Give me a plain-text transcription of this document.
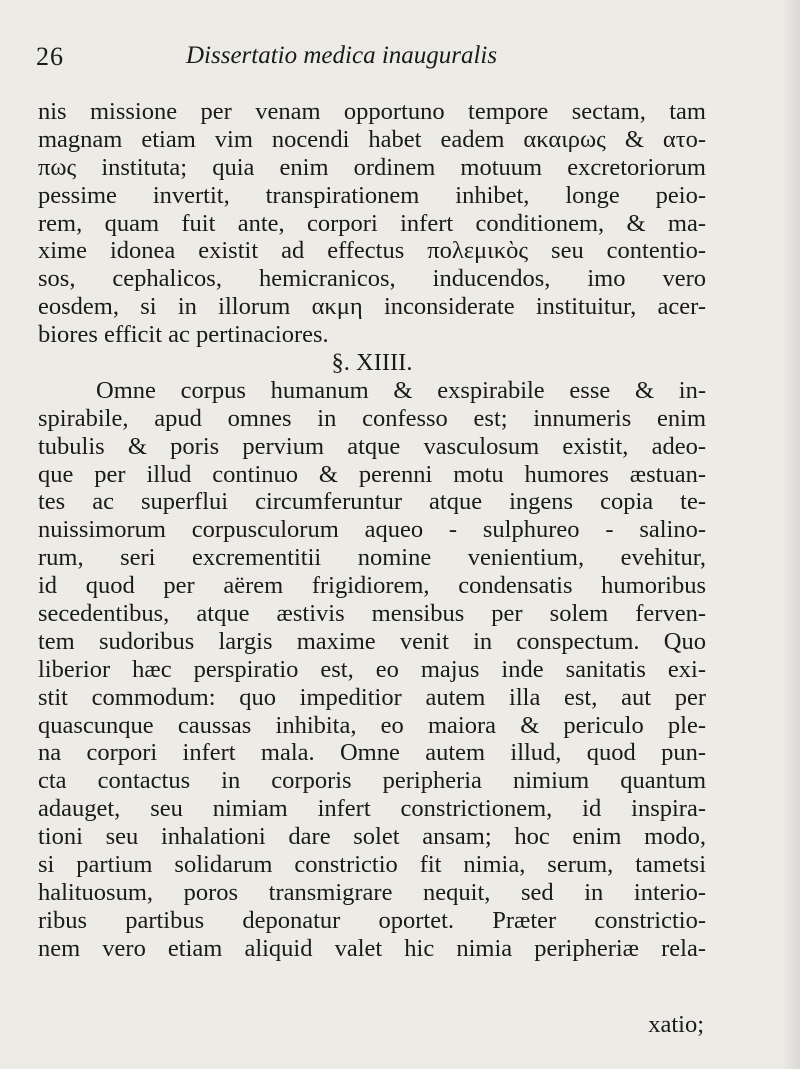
26	Dissertatio medica inauguralis
nis missione per venam opportuno tempore sectam, tam
magnam etiam vim nocendi habet eadem ακαιρως & ατο-
πως instituta; quia enim ordinem motuum excretoriorum
pessime invertit, transpirationem inhibet, longe peio-
rem, quam fuit ante, corpori infert conditionem, & ma-
xime idonea existit ad effectus πολεμικὸς seu contentio-
sos, cephalicos, hemicranicos, inducendos, imo vero
eosdem, si in illorum ακμη inconsiderate instituitur, acer-
biores efficit ac pertinaciores.
§. XIIII.
Omne corpus humanum & exspirabile esse & in-
spirabile, apud omnes in confesso est; innumeris enim
tubulis & poris pervium atque vasculosum existit, adeo-
que per illud continuo & perenni motu humores æstuan-
tes ac superflui circumferuntur atque ingens copia te-
nuissimorum corpusculorum aqueo - sulphureo - salino-
rum, seri excrementitii nomine venientium, evehitur,
id quod per aërem frigidiorem, condensatis humoribus
secedentibus, atque æstivis mensibus per solem ferven-
tem sudoribus largis maxime venit in conspectum. Quo
liberior hæc perspiratio est, eo majus inde sanitatis exi-
stit commodum: quo impeditior autem illa est, aut per
quascunque caussas inhibita, eo maiora & periculo ple-
na corpori infert mala. Omne autem illud, quod pun-
cta contactus in corporis peripheria nimium quantum
adauget, seu nimiam infert constrictionem, id inspira-
tioni seu inhalationi dare solet ansam; hoc enim modo,
si partium solidarum constrictio fit nimia, serum, tametsi
halituosum, poros transmigrare nequit, sed in interio-
ribus partibus deponatur oportet. Præter constrictio-
nem vero etiam aliquid valet hic nimia peripheriæ rela-
xatio;
